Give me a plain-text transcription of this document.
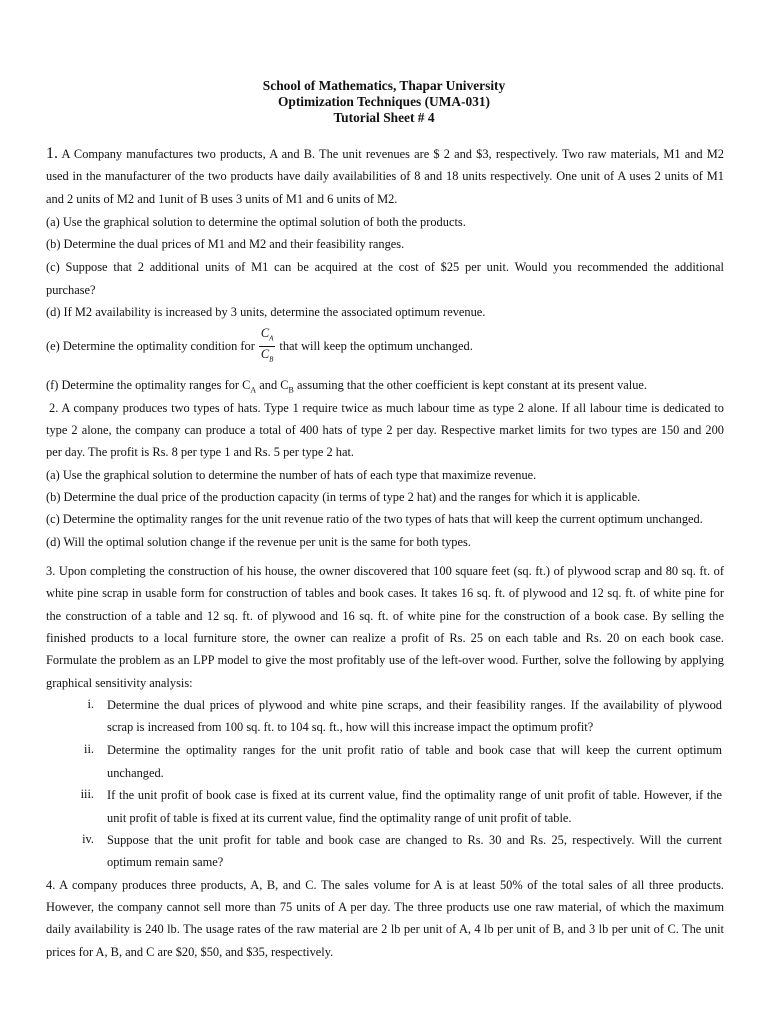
School of Mathematics, Thapar University
Optimization Techniques (UMA-031)
Tutorial Sheet # 4
1. A Company manufactures two products, A and B. The unit revenues are $ 2 and $3, respectively. Two raw materials, M1 and M2
used in the manufacturer of the two products have daily availabilities of 8 and 18 units respectively. One unit of A uses 2 units of M1
and 2 units of M2 and 1unit of B uses 3 units of M1 and 6 units of M2.
(a) Use the graphical solution to determine the optimal solution of both the products.
(b) Determine the dual prices of M1 and M2 and their feasibility ranges.
(c) Suppose that 2 additional units of M1 can be acquired at the cost of $25 per unit. Would you recommended the additional
purchase?
(d) If M2 availability is increased by 3 units, determine the associated optimum revenue.
(e) Determine the optimality condition for $\frac{C_A}{C_B}$ that will keep the optimum unchanged.
(f) Determine the optimality ranges for $C_A$ and $C_B$ assuming that the other coefficient is kept constant at its present value.
2. A company produces two types of hats. Type 1 require twice as much labour time as type 2 alone. If all labour time is dedicated to
type 2 alone, the company can produce a total of 400 hats of type 2 per day. Respective market limits for two types are 150 and 200
per day. The profit is Rs. 8 per type 1 and Rs. 5 per type 2 hat.
(a) Use the graphical solution to determine the number of hats of each type that maximize revenue.
(b) Determine the dual price of the production capacity (in terms of type 2 hat) and the ranges for which it is applicable.
(c) Determine the optimality ranges for the unit revenue ratio of the two types of hats that will keep the current optimum unchanged.
(d) Will the optimal solution change if the revenue per unit is the same for both types.
3. Upon completing the construction of his house, the owner discovered that 100 square feet (sq. ft.) of plywood scrap and 80 sq. ft. of
white pine scrap in usable form for construction of tables and book cases. It takes 16 sq. ft. of plywood and 12 sq. ft. of white pine for
the construction of a table and 12 sq. ft. of plywood and 16 sq. ft. of white pine for the construction of a book case. By selling the
finished products to a local furniture store, the owner can realize a profit of Rs. 25 on each table and Rs. 20 on each book case.
Formulate the problem as an LPP model to give the most profitably use of the left-over wood. Further, solve the following by applying
graphical sensitivity analysis:
i. Determine the dual prices of plywood and white pine scraps, and their feasibility ranges. If the availability of plywood
scrap is increased from 100 sq. ft. to 104 sq. ft., how will this increase impact the optimum profit?
ii. Determine the optimality ranges for the unit profit ratio of table and book case that will keep the current optimum
unchanged.
iii. If the unit profit of book case is fixed at its current value, find the optimality range of unit profit of table. However, if the
unit profit of table is fixed at its current value, find the optimality range of unit profit of table.
iv. Suppose that the unit profit for table and book case are changed to Rs. 30 and Rs. 25, respectively. Will the current
optimum remain same?
4. A company produces three products, A, B, and C. The sales volume for A is at least 50% of the total sales of all three products.
However, the company cannot sell more than 75 units of A per day. The three products use one raw material, of which the maximum
daily availability is 240 lb. The usage rates of the raw material are 2 lb per unit of A, 4 lb per unit of B, and 3 lb per unit of C. The unit
prices for A, B, and C are $20, $50, and $35, respectively.
